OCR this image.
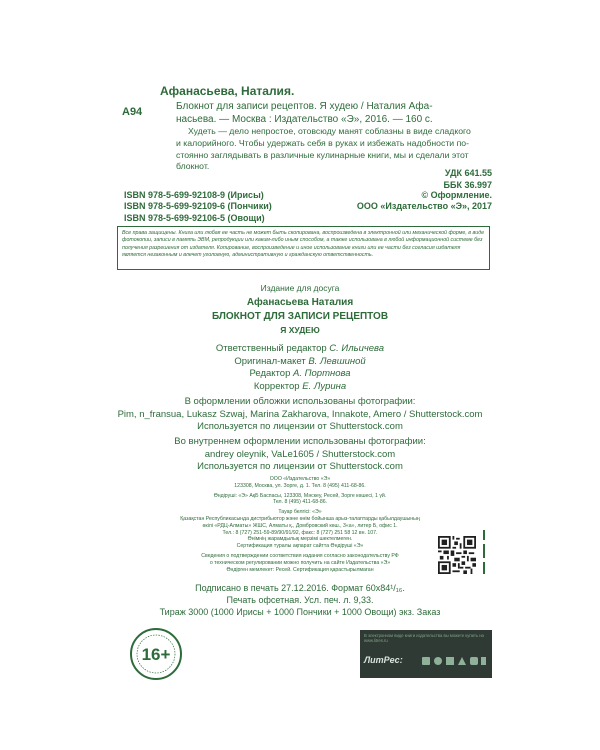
А94
Афанасьева, Наталия.
Блокнот для записи рецептов. Я худею / Наталия Афа-
насьева. — Москва : Издательство «Э», 2016. — 160 с.
Худеть — дело непростое, отовсюду манят соблазны в виде сладкого
и калорийного. Чтобы удержать себя в руках и избежать надобности по-
стоянно заглядывать в различные кулинарные книги, мы и сделали этот
блокнот.
УДК 641.55
ББК 36.997
ISBN 978-5-699-92108-9 (Ирисы)
ISBN 978-5-699-92109-6 (Пончики)
ISBN 978-5-699-92106-5 (Овощи)
© Оформление.
ООО «Издательство «Э», 2017
Все права защищены. Книга или любая ее часть не может быть скопирована, воспроизведена в электронной или механической форме, в виде фотокопии, записи в память ЭВМ, репродукции или каким-либо иным способом, а также использована в любой информационной системе без получения разрешения от издателя. Копирование, воспроизведение и иное использование книги или ее части без согласия издателя является незаконным и влечет уголовную, административную и гражданскую ответственность.
Издание для досуга
Афанасьева Наталия
БЛОКНОТ ДЛЯ ЗАПИСИ РЕЦЕПТОВ
Я ХУДЕЮ
Ответственный редактор С. Ильичева
Оригинал-макет В. Левшиной
Редактор А. Портнова
Корректор Е. Лурина
В оформлении обложки использованы фотографии:
Pim, n_fransua, Lukasz Szwaj, Marina Zakharova, Innakote, Amero / Shutterstock.com
Используется по лицензии от Shutterstock.com
Во внутреннем оформлении использованы фотографии:
andrey oleynik, VaLe1605 / Shutterstock.com
Используется по лицензии от Shutterstock.com
ООО «Издательство «Э»
123308, Москва, ул. Зорге, д. 1. Тел. 8 (495) 411-68-86.
Өндіруші: «Э» АқБ Баспасы, 123308, Мәскеу, Ресей, Зорге көшесі, 1 үй.
Тел. 8 (495) 411-68-86.
Тауар белгісі: «Э»
Қазақстан Республикасында дистрибьютор және өнім бойынша арыз-талаптарды қабылдаушының
өкілі «РДЦ-Алматы» ЖШС, Алматы қ., Домбровский көш., 3«а», литер Б, офис 1.
Тел.: 8 (727) 251-59-89/90/91/92, факс: 8 (727) 251 58 12 вн. 107.
Өнімнің жарамдылық мерзімі шектелмеген.
Сертификация туралы ақпарат сайтта Өндіруші «Э»
Сведения о подтверждении соответствия издания согласно законодательству РФ
о техническом регулировании можно получить на сайте Издательства «Э»
Өндірген мемлекет: Ресей. Сертификация қарастырылмаған
Подписано в печать 27.12.2016. Формат 60x84¹/₁₆.
Печать офсетная. Усл. печ. л. 9,33.
Тираж 3000 (1000 Ирисы + 1000 Пончики + 1000 Овощи) экз. Заказ
16+
В электронном виде книги издательства вы можете купить на www.litres.ru
ЛитРес:
